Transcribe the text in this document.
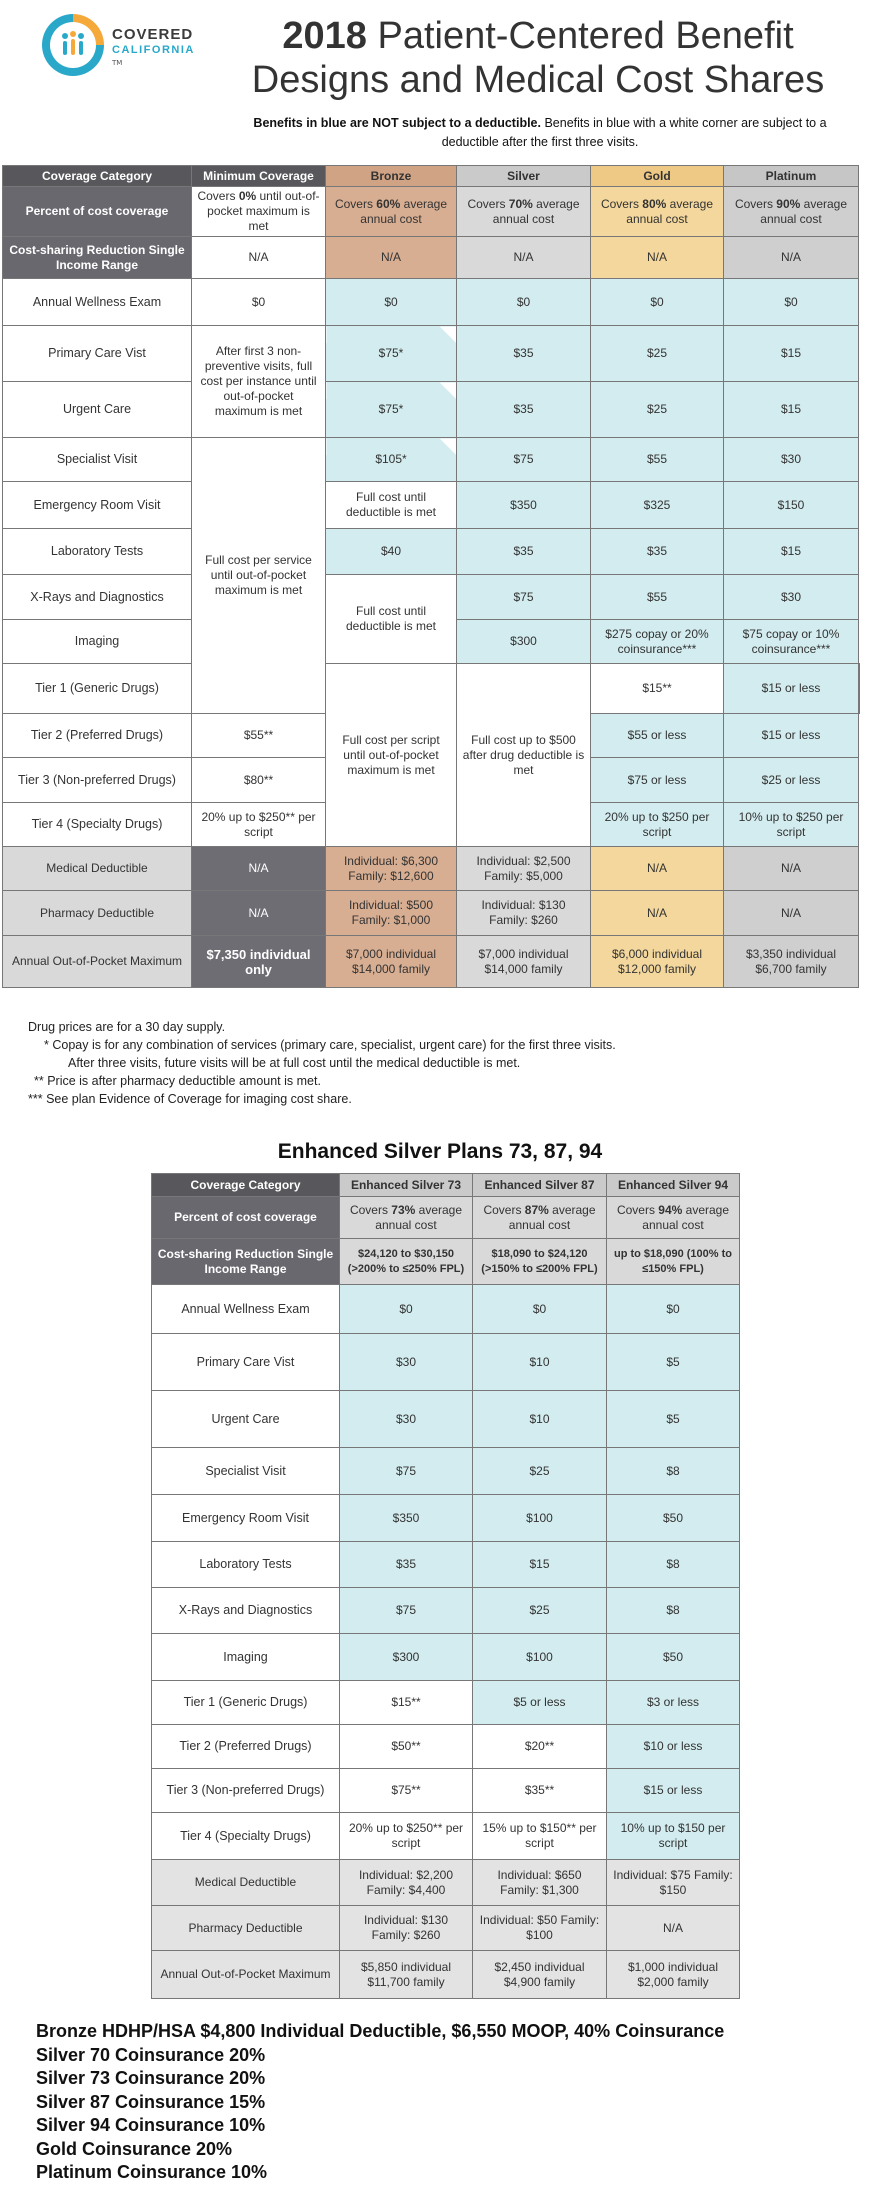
COVERED
CALIFORNIA
TM
2018 Patient-Centered Benefit
Designs and Medical Cost Shares
Benefits in blue are NOT subject to a deductible. Benefits in blue with a white corner are subject to a deductible after the first three visits.
Coverage Category	Minimum Coverage	Bronze	Silver	Gold	Platinum	
Percent of cost coverage	Covers 0% until out-of-pocket maximum is met	Covers 60% average annual cost	Covers 70% average annual cost	Covers 80% average annual cost	Covers 90% average annual cost	
Cost-sharing Reduction Single Income Range	N/A	N/A	N/A	N/A	N/A	
Annual Wellness Exam	$0	$0	$0	$0	$0	
Primary Care Vist	After first 3 non-preventive visits, full cost per instance until out-of-pocket maximum is met	$75*	$35	$25	$15	
Urgent Care		$75*	$35	$25	$15	
Specialist Visit	Full cost per service until out-of-pocket maximum is met	$105*	$75	$55	$30	
Emergency Room Visit		Full cost until deductible is met	$350	$325	$150	
Laboratory Tests		$40	$35	$35	$15	
X-Rays and Diagnostics		Full cost until deductible is met	$75	$55	$30	
Imaging			$300	$275 copay or 20% coinsurance***	$75 copay or 10% coinsurance***	
Tier 1 (Generic Drugs)		Full cost per script until out-of-pocket maximum is met	Full cost up to $500 after drug deductible is met	$15**	$15 or less	
Tier 2 (Preferred Drugs)	$55**			$55 or less	$15 or less	
Tier 3 (Non-preferred Drugs)	$80**			$75 or less	$25 or less	
Tier 4 (Specialty Drugs)	20% up to $250** per script			20% up to $250 per script	10% up to $250 per script	
Medical Deductible	N/A	Individual: $6,300 Family: $12,600	Individual: $2,500 Family: $5,000	N/A	N/A	
Pharmacy Deductible	N/A	Individual: $500 Family: $1,000	Individual: $130 Family: $260	N/A	N/A	
Annual Out-of-Pocket Maximum	$7,350 individual only	$7,000 individual $14,000 family	$7,000 individual $14,000 family	$6,000 individual $12,000 family	$3,350 individual $6,700 family	
Drug prices are for a 30 day supply.
* Copay is for any combination of services (primary care, specialist, urgent care) for the first three visits.
After three visits, future visits will be at full cost until the medical deductible is met.
** Price is after pharmacy deductible amount is met.
*** See plan Evidence of Coverage for imaging cost share.
Enhanced Silver Plans 73, 87, 94
Coverage Category	Enhanced Silver 73	Enhanced Silver 87	Enhanced Silver 94
Percent of cost coverage	Covers 73% average annual cost	Covers 87% average annual cost	Covers 94% average annual cost
Cost-sharing Reduction Single Income Range	$24,120 to $30,150 (>200% to ≤250% FPL)	$18,090 to $24,120 (>150% to ≤200% FPL)	up to $18,090 (100% to ≤150% FPL)
Annual Wellness Exam	$0	$0	$0
Primary Care Vist	$30	$10	$5
Urgent Care	$30	$10	$5
Specialist Visit	$75	$25	$8
Emergency Room Visit	$350	$100	$50
Laboratory Tests	$35	$15	$8
X-Rays and Diagnostics	$75	$25	$8
Imaging	$300	$100	$50
Tier 1 (Generic Drugs)	$15**	$5 or less	$3 or less
Tier 2 (Preferred Drugs)	$50**	$20**	$10 or less
Tier 3 (Non-preferred Drugs)	$75**	$35**	$15 or less
Tier 4 (Specialty Drugs)	20% up to $250** per script	15% up to $150** per script	10% up to $150 per script
Medical Deductible	Individual: $2,200 Family: $4,400	Individual: $650 Family: $1,300	Individual: $75 Family: $150
Pharmacy Deductible	Individual: $130 Family: $260	Individual: $50 Family: $100	N/A
Annual Out-of-Pocket Maximum	$5,850 individual $11,700 family	$2,450 individual $4,900 family	$1,000 individual $2,000 family
Bronze HDHP/HSA $4,800 Individual Deductible, $6,550 MOOP, 40% Coinsurance
Silver 70 Coinsurance 20%
Silver 73 Coinsurance 20%
Silver 87 Coinsurance 15%
Silver 94 Coinsurance 10%
Gold Coinsurance 20%
Platinum Coinsurance 10%
